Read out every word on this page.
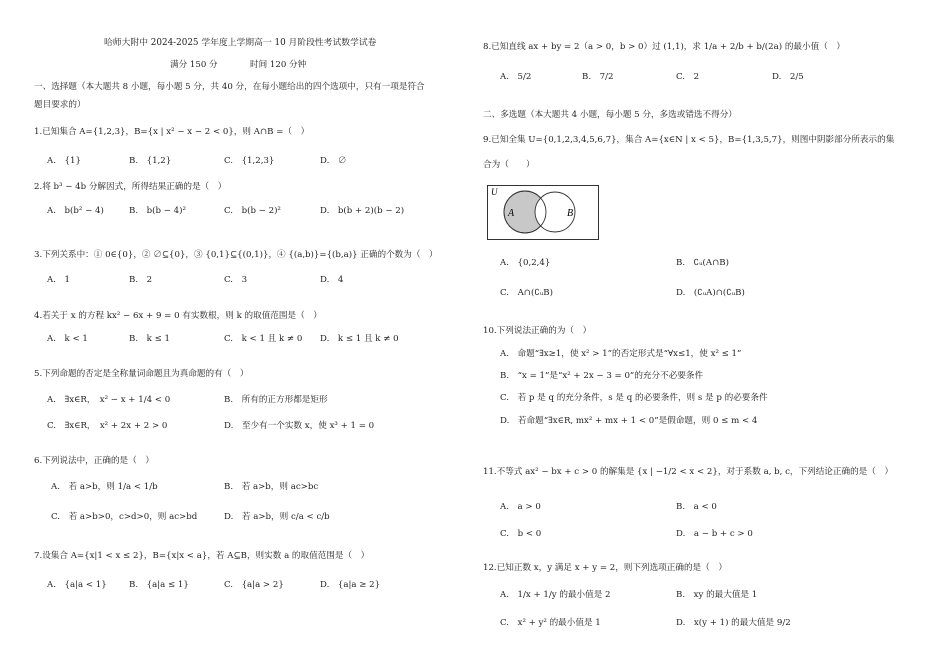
哈师大附中 2024-2025 学年度上学期高一 10 月阶段性考试数学试卷
满分 150 分	时间 120 分钟
一、选择题（本大题共 8 小题，每小题 5 分，共 40 分，在每小题给出的四个选项中，只有一项是符合
题目要求的）
1.已知集合 A={1,2,3}，B={x | x² − x − 2 < 0}，则 A∩B =（　）
A.　{1}	B.　{1,2}	C.　{1,2,3}	D.　∅
2.将 b³ − 4b 分解因式，所得结果正确的是（　）
A.　b(b² − 4)	B.　b(b − 4)²	C.　b(b − 2)²	D.　b(b + 2)(b − 2)
3.下列关系中：① 0∈{0}，② ∅⊆{0}，③ {0,1}⊆{(0,1)}，④ {(a,b)}={(b,a)} 正确的个数为（　）
A.　1	B.　2	C.　3	D.　4
4.若关于 x 的方程 kx² − 6x + 9 = 0 有实数根，则 k 的取值范围是（　）
A.　k < 1	B.　k ≤ 1	C.　k < 1 且 k ≠ 0 D.　k ≤ 1 且 k ≠ 0
5.下列命题的否定是全称量词命题且为真命题的有（　）
A.　∃x∈R，　x² − x + 1/4 < 0	B.　所有的正方形都是矩形
C.　∃x∈R，　x² + 2x + 2 > 0	D.　至少有一个实数 x，使 x³ + 1 = 0
6.下列说法中，正确的是（　）
A.　若 a>b，则 1/a < 1/b	B.　若 a>b，则 ac>bc
C.　若 a>b>0，c>d>0，则 ac>bd	D.　若 a>b，则 c/a < c/b
7.设集合 A={x|1 < x ≤ 2}，B={x|x < a}，若 A⊆B，则实数 a 的取值范围是（　）
A.　{a|a < 1}	B.　{a|a ≤ 1}	C.　{a|a > 2}	D.　{a|a ≥ 2}
8.已知直线 ax + by = 2（a > 0，b > 0）过 (1,1)，求 1/a + 2/b + b/(2a) 的最小值（　）
A.　5/2	B.　7/2	C.　2	D.　2/5
二、多选题（本大题共 4 小题，每小题 5 分，多选或错选不得分）
9.已知全集 U={0,1,2,3,4,5,6,7}，集合 A={x∈N | x < 5}，B={1,3,5,7}，则图中阴影部分所表示的集
合为（　　）
U
A	B
A.　{0,2,4}	B.　∁ᵤ(A∩B)
C.　A∩(∁ᵤB)	D.　(∁ᵤA)∩(∁ᵤB)
10.下列说法正确的为（　）
A.　命题“∃x≥1，使 x² > 1”的否定形式是“∀x≤1，使 x² ≤ 1”
B.　“x = 1”是“x² + 2x − 3 = 0”的充分不必要条件
C.　若 p 是 q 的充分条件，s 是 q 的必要条件，则 s 是 p 的必要条件
D.　若命题“∃x∈R, mx² + mx + 1 < 0”是假命题，则 0 ≤ m < 4
11.不等式 ax² − bx + c > 0 的解集是 {x | −1/2 < x < 2}，对于系数 a, b, c，下列结论正确的是（　）
A.　a > 0	B.　a < 0
C.　b < 0	D.　a − b + c > 0
12.已知正数 x，y 满足 x + y = 2，则下列选项正确的是（　）
A.　1/x + 1/y 的最小值是 2	B.　xy 的最大值是 1
C.　x² + y² 的最小值是 1	D.　x(y + 1) 的最大值是 9/2
